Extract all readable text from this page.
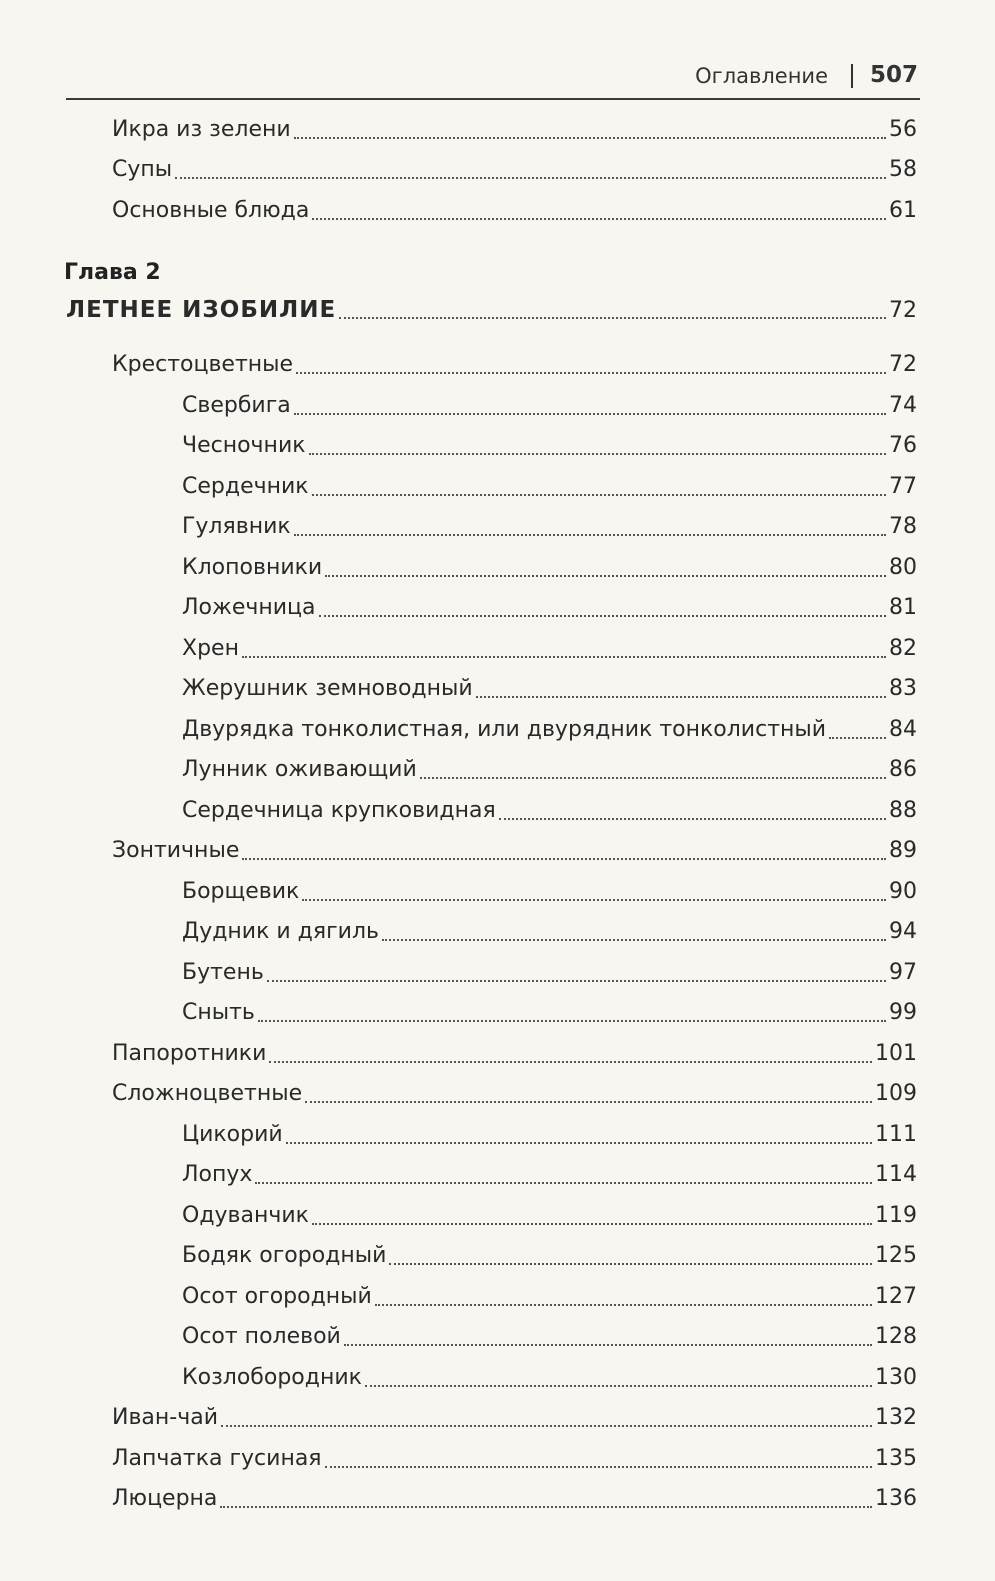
Оглавление 507
Глава 2
ЛЕТНЕЕ ИЗОБИЛИЕ	72
Икра из зелени	56
Супы	58
Основные блюда	61
Крестоцветные	72
Свербига	74
Чесночник	76
Сердечник	77
Гулявник	78
Клоповники	80
Ложечница	81
Хрен	82
Жерушник земноводный	83
Двурядка тонколистная, или двурядник тонколистный	84
Лунник оживающий	86
Сердечница крупковидная	88
Зонтичные	89
Борщевик	90
Дудник и дягиль	94
Бутень	97
Сныть	99
Папоротники	101
Сложноцветные	109
Цикорий	111
Лопух	114
Одуванчик	119
Бодяк огородный	125
Осот огородный	127
Осот полевой	128
Козлобородник	130
Иван-чай	132
Лапчатка гусиная	135
Люцерна	136
